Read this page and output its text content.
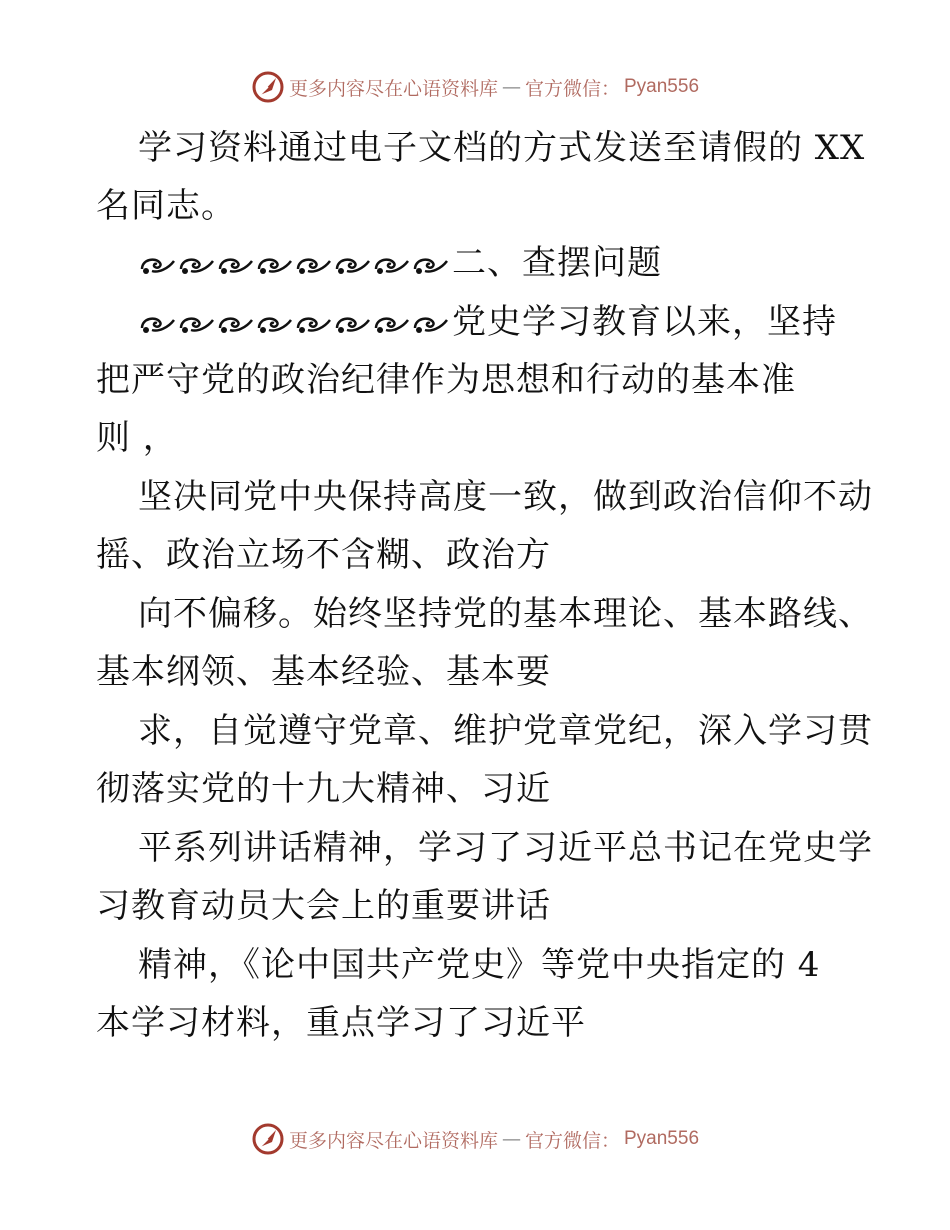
更多内容尽在心语资料库 — 官方微信： Pyan556
学习资料通过电子文档的方式发送至请假的 XX
名同志。
二、查摆问题
党史学习教育以来，坚持
把严守党的政治纪律作为思想和行动的基本准
则 ，
坚决同党中央保持高度一致，做到政治信仰不动
摇、政治立场不含糊、政治方
向不偏移。始终坚持党的基本理论、基本路线、
基本纲领、基本经验、基本要
求，自觉遵守党章、维护党章党纪，深入学习贯
彻落实党的十九大精神、习近
平系列讲话精神，学习了习近平总书记在党史学
习教育动员大会上的重要讲话
精神，《论中国共产党史》等党中央指定的 4
本学习材料，重点学习了习近平
更多内容尽在心语资料库 — 官方微信： Pyan556
